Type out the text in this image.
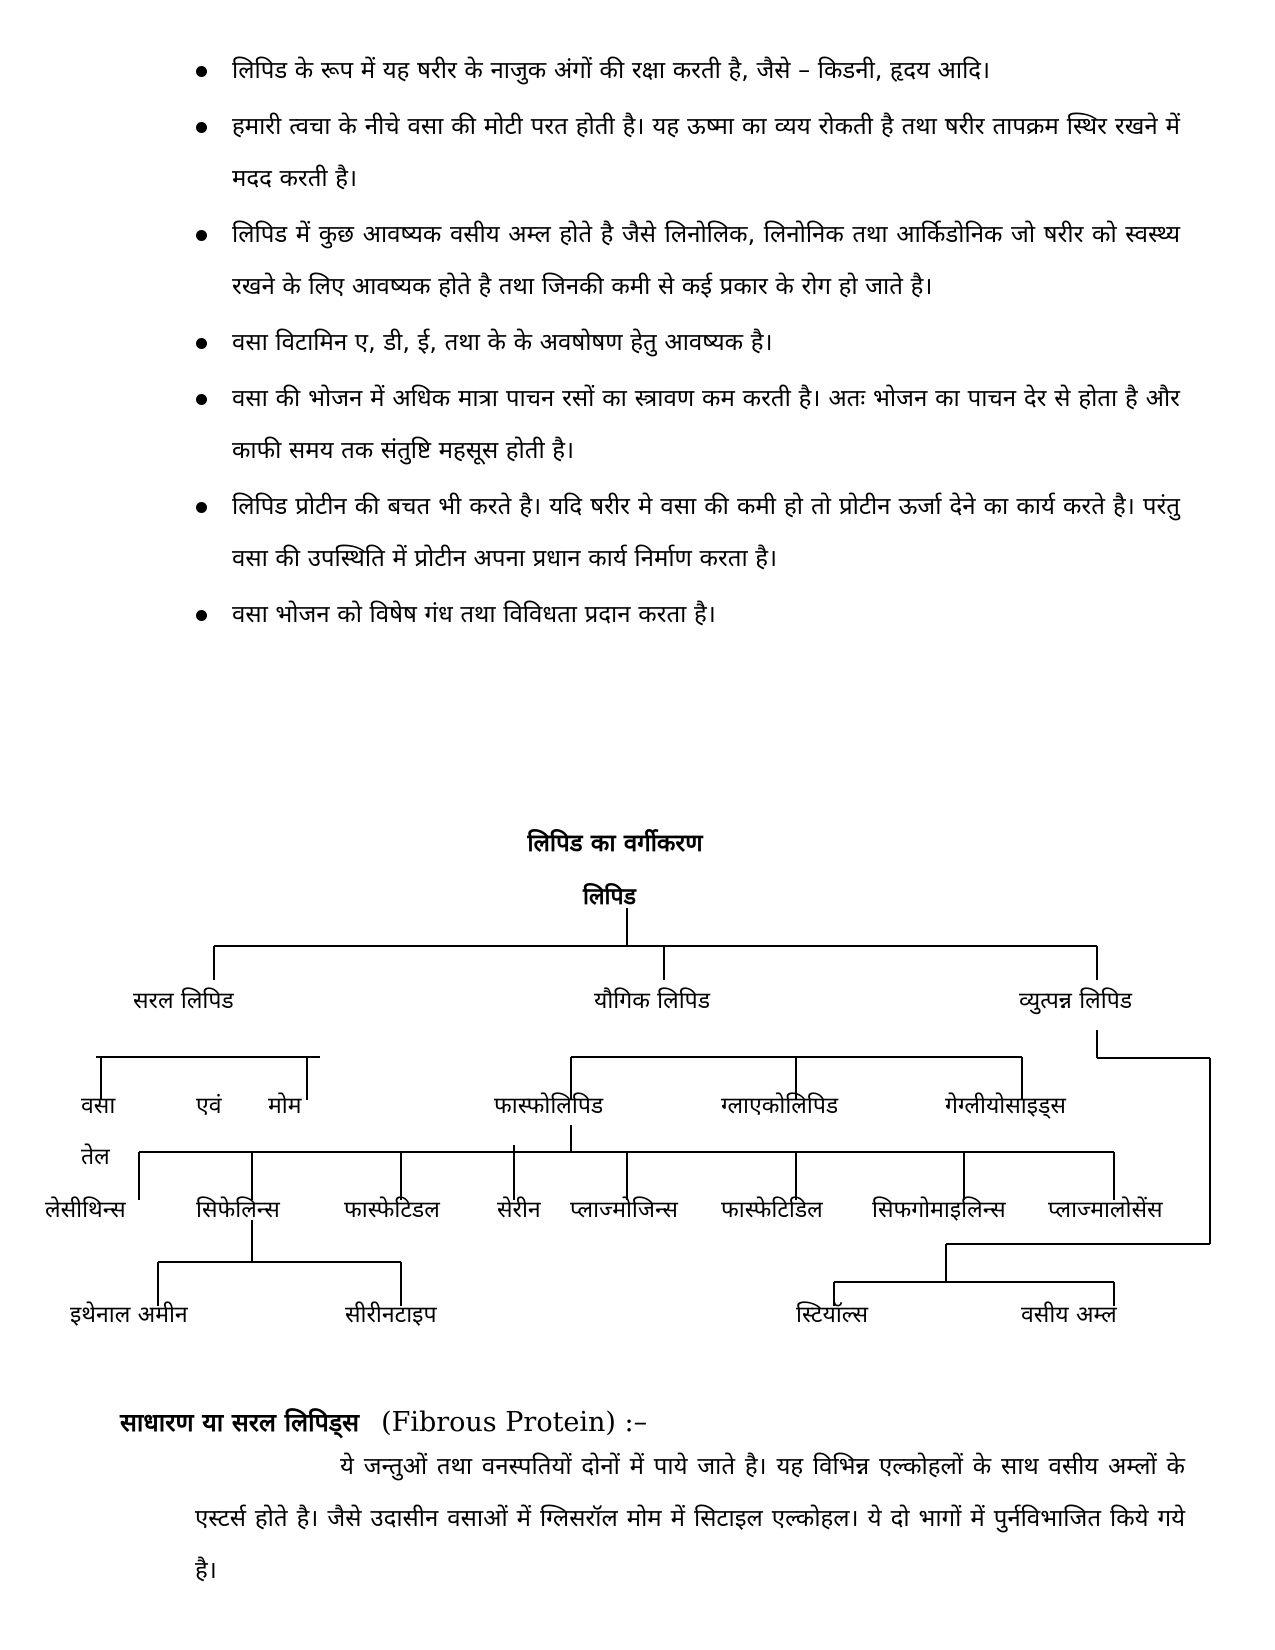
लिपिड के रूप में यह षरीर के नाजुक अंगों की रक्षा करती है, जैसे – किडनी, हृदय आदि।
हमारी त्वचा के नीचे वसा की मोटी परत होती है। यह ऊष्मा का व्यय रोकती है तथा षरीर तापक्रम स्थिर रखने में मदद करती है।
लिपिड में कुछ आवष्यक वसीय अम्ल होते है जैसे लिनोलिक, लिनोनिक तथा आर्किडोनिक जो षरीर को स्वस्थ्य रखने के लिए आवष्यक होते है तथा जिनकी कमी से कई प्रकार के रोग हो जाते है।
वसा विटामिन ए, डी, ई, तथा के के अवषोषण हेतु आवष्यक है।
वसा की भोजन में अधिक मात्रा पाचन रसों का स्त्रावण कम करती है। अतः भोजन का पाचन देर से होता है और काफी समय तक संतुष्टि महसूस होती है।
लिपिड प्रोटीन की बचत भी करते है। यदि षरीर मे वसा की कमी हो तो प्रोटीन ऊर्जा देने का कार्य करते है। परंतु वसा की उपस्थिति में प्रोटीन अपना प्रधान कार्य निर्माण करता है।
वसा भोजन को विषेष गंध तथा विविधता प्रदान करता है।
लिपिड का वर्गीकरण
लिपिड
सरल लिपिड	यौगिक लिपिड	व्युत्पन्न लिपिड
वसा	एवं मोम
तेल
फास्फोलिपिड	ग्लाएकोलिपिड	गेग्लीयोसाइड्स
लेसीथिन्स	सिफेलिन्स	फास्फेटिडल सेरीन प्लाज्मोजिन्स फास्फेटिडिल सिफगोमाइलिन्स प्लाज्मालोसेंस
इथेनाल अमीन	सीरीनटाइप	स्टियॉल्स	वसीय अम्ल
साधारण या सरल लिपिड्स (Fibrous Protein) :–
ये जन्तुओं तथा वनस्पतियों दोनों में पाये जाते है। यह विभिन्न एल्कोहलों के साथ वसीय अम्लों के एस्टर्स होते है। जैसे उदासीन वसाओं में ग्लिसरॉल मोम में सिटाइल एल्कोहल। ये दो भागों में पुर्नविभाजित किये गये है।
